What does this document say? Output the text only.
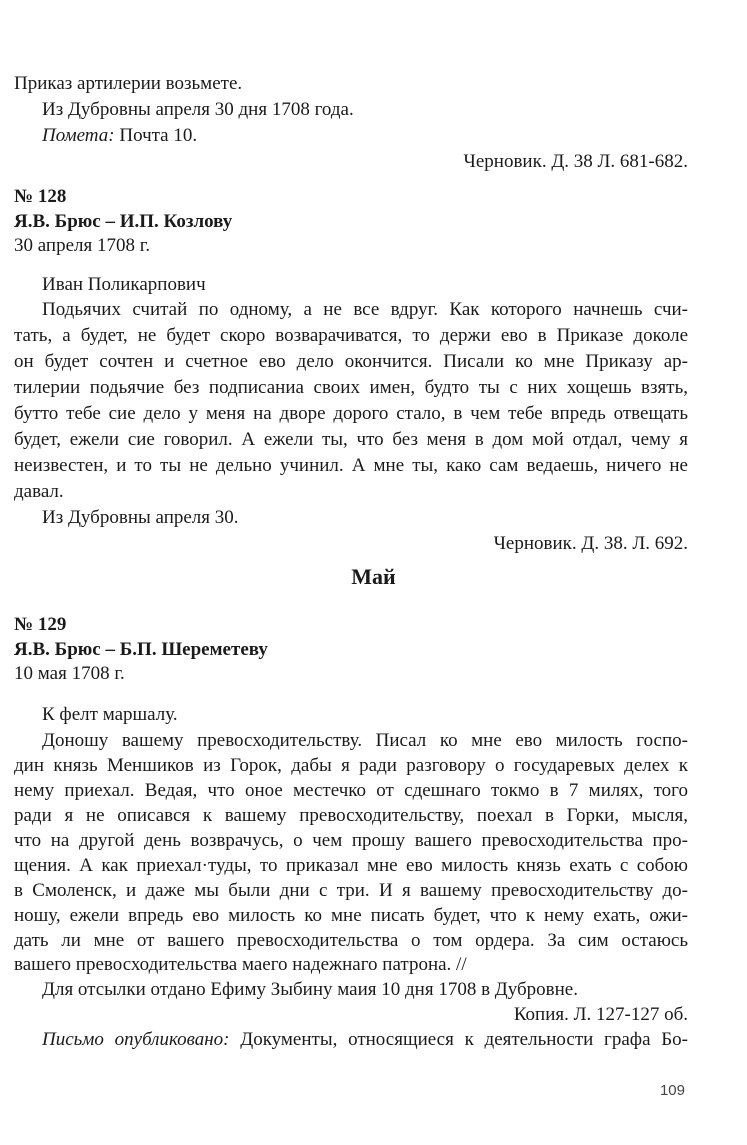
Приказ артилерии возьмете.
Из Дубровны апреля 30 дня 1708 года.
Помета: Почта 10.
Черновик. Д. 38 Л. 681-682.
№ 128
Я.В. Брюс – И.П. Козлову
30 апреля 1708 г.
Иван Поликарпович
Подьячих считай по одному, а не все вдруг. Как которого начнешь счи-
тать, а будет, не будет скоро возварачиватся, то держи ево в Приказе доколе
он будет сочтен и счетное ево дело окончится. Писали ко мне Приказу ар-
тилерии подьячие без подписаниа своих имен, будто ты с них хощешь взять,
бутто тебе сие дело у меня на дворе дорого стало, в чем тебе впредь отвещать
будет, ежели сие говорил. А ежели ты, что без меня в дом мой отдал, чему я
неизвестен, и то ты не дельно учинил. А мне ты, како сам ведаешь, ничего не
давал.
Из Дубровны апреля 30.
Черновик. Д. 38. Л. 692.
Май
№ 129
Я.В. Брюс – Б.П. Шереметеву
10 мая 1708 г.
К фелт маршалу.
Доношу вашему превосходительству. Писал ко мне ево милость госпо-
дин князь Меншиков из Горок, дабы я ради разговору о государевых делех к
нему приехал. Ведая, что оное местечко от сдешнаго токмо в 7 милях, того
ради я не описався к вашему превосходительству, поехал в Горки, мысля,
что на другой день возврачусь, о чем прошу вашего превосходительства про-
щения. А как приехал·туды, то приказал мне ево милость князь ехать с собою
в Смоленск, и даже мы были дни с три. И я вашему превосходительству до-
ношу, ежели впредь ево милость ко мне писать будет, что к нему ехать, ожи-
дать ли мне от вашего превосходительства о том ордера. За сим остаюсь
вашего превосходительства маего надежнаго патрона. //
Для отсылки отдано Ефиму Зыбину маия 10 дня 1708 в Дубровне.
Копия. Л. 127-127 об.
Письмо опубликовано: Документы, относящиеся к деятельности графа Бо-
109
